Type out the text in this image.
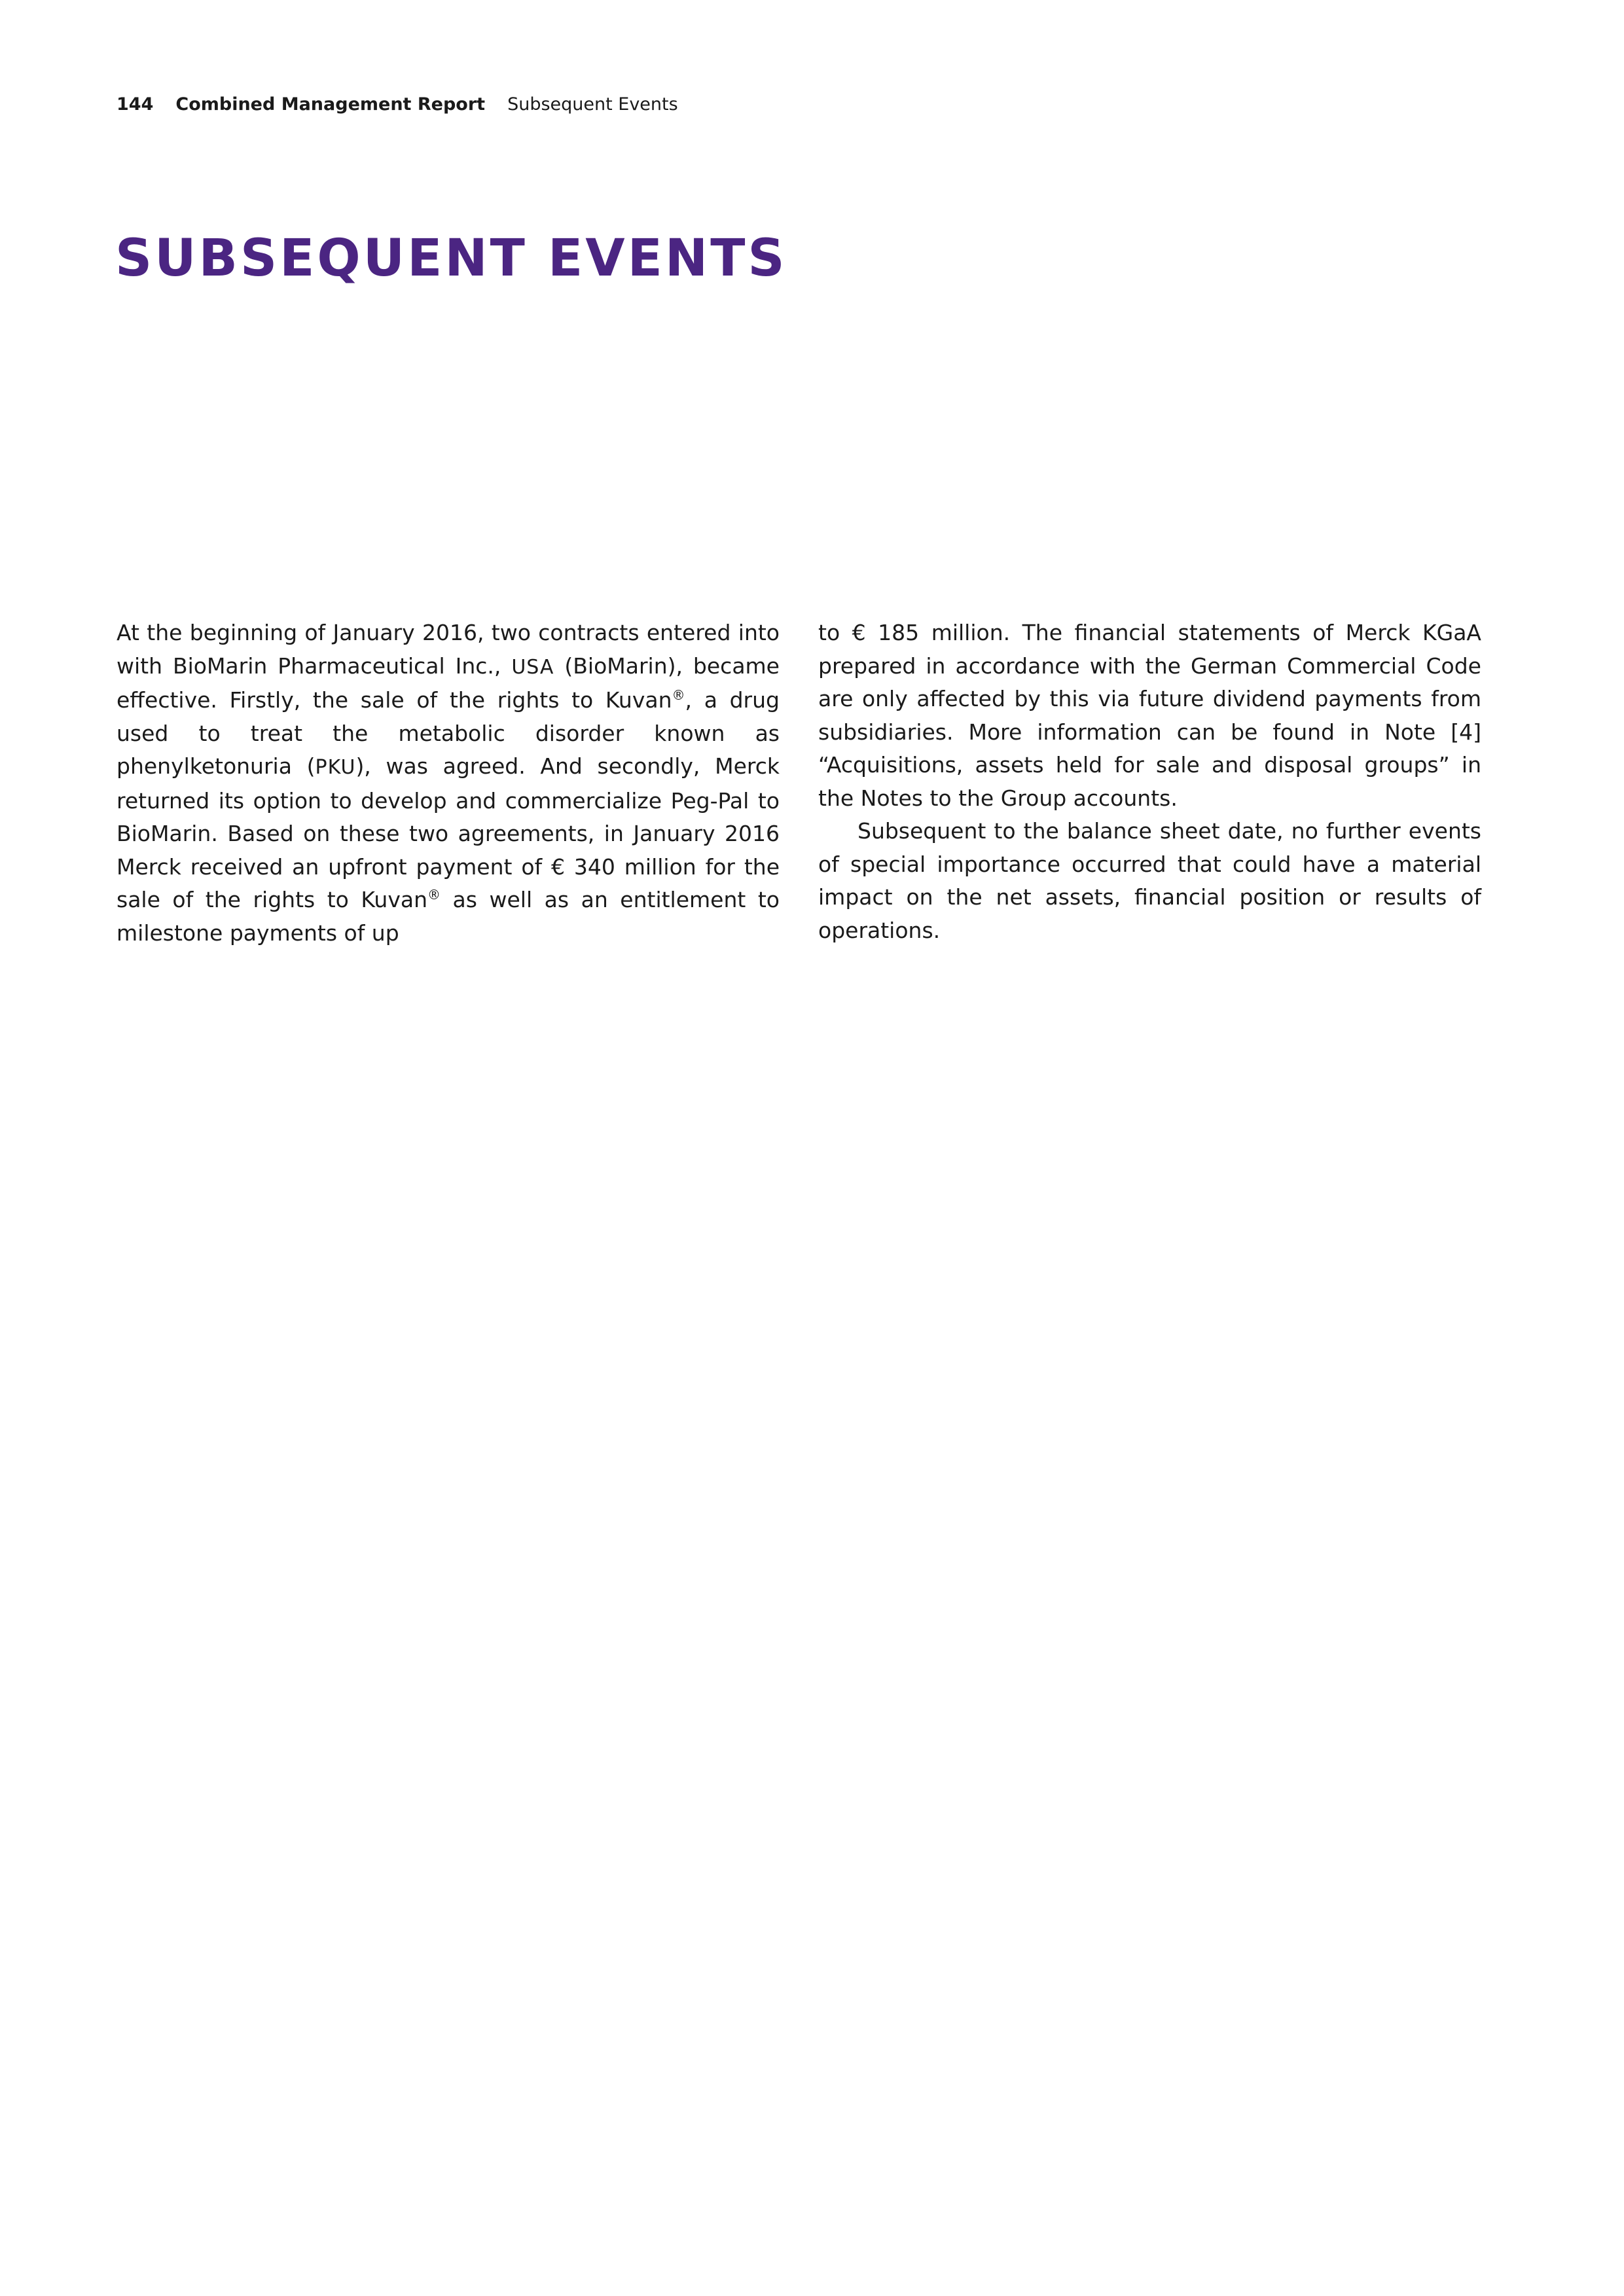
144 Combined Management Report Subsequent Events
SUBSEQUENT EVENTS

At the beginning of January 2016, two contracts entered into with BioMarin Pharmaceutical Inc., USA (BioMarin), became effective. Firstly, the sale of the rights to Kuvan®, a drug used to treat the metabolic disorder known as phenylketonuria (PKU), was agreed. And secondly, Merck returned its option to develop and commercialize Peg-Pal to BioMarin. Based on these two agreements, in January 2016 Merck received an upfront payment of € 340 million for the sale of the rights to Kuvan® as well as an entitlement to milestone payments of up

to € 185 million. The financial statements of Merck KGaA prepared in accordance with the German Commercial Code are only affected by this via future dividend payments from subsidiaries. More information can be found in Note [4] “Acquisitions, assets held for sale and disposal groups” in the Notes to the Group accounts.

Subsequent to the balance sheet date, no further events of special importance occurred that could have a material impact on the net assets, financial position or results of operations.
